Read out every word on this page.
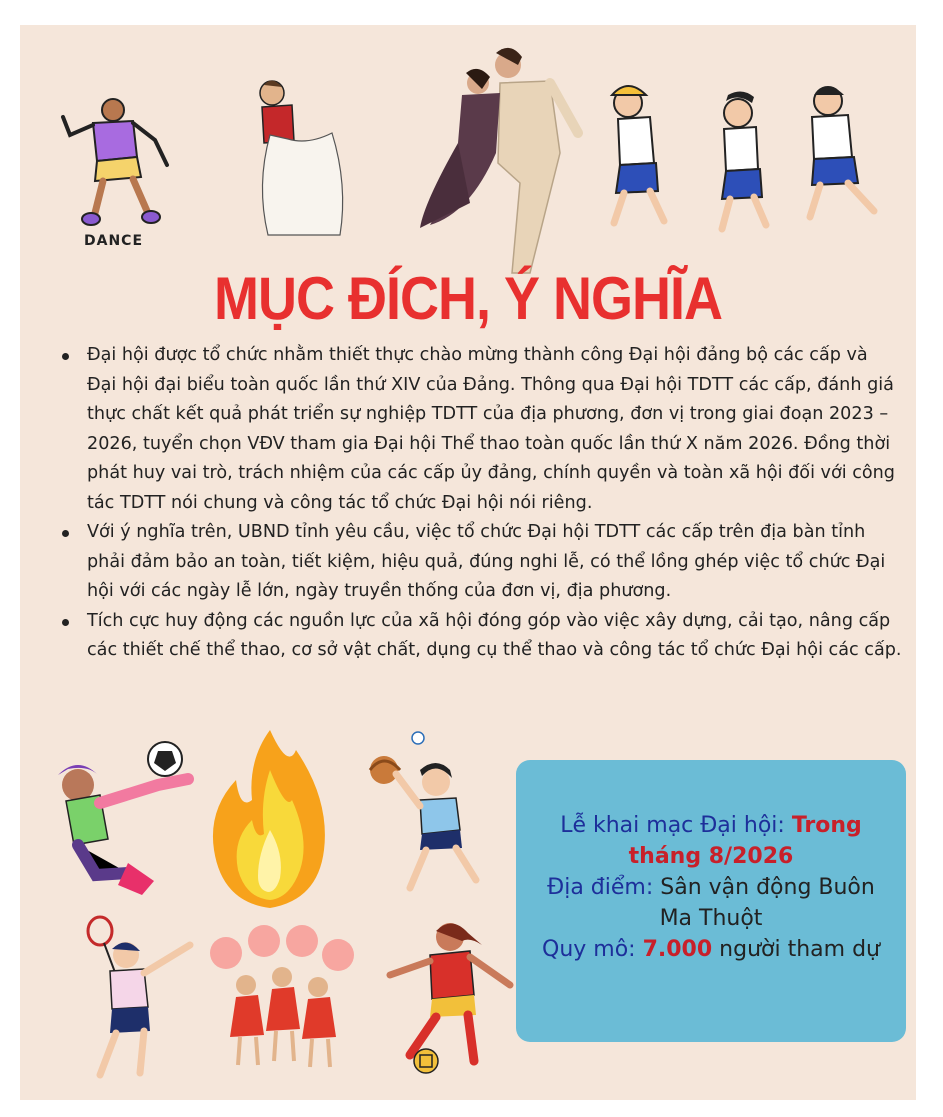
DANCE
MỤC ĐÍCH, Ý NGHĨA
Đại hội được tổ chức nhằm thiết thực chào mừng thành công Đại hội đảng bộ các cấp và Đại hội đại biểu toàn quốc lần thứ XIV của Đảng. Thông qua Đại hội TDTT các cấp, đánh giá thực chất kết quả phát triển sự nghiệp TDTT của địa phương, đơn vị trong giai đoạn 2023 – 2026, tuyển chọn VĐV tham gia Đại hội Thể thao toàn quốc lần thứ X năm 2026. Đồng thời phát huy vai trò, trách nhiệm của các cấp ủy đảng, chính quyền và toàn xã hội đối với công tác TDTT nói chung và công tác tổ chức Đại hội nói riêng.
Với ý nghĩa trên, UBND tỉnh yêu cầu, việc tổ chức Đại hội TDTT các cấp trên địa bàn tỉnh phải đảm bảo an toàn, tiết kiệm, hiệu quả, đúng nghi lễ, có thể lồng ghép việc tổ chức Đại hội với các ngày lễ lớn, ngày truyền thống của đơn vị, địa phương.
Tích cực huy động các nguồn lực của xã hội đóng góp vào việc xây dựng, cải tạo, nâng cấp các thiết chế thể thao, cơ sở vật chất, dụng cụ thể thao và công tác tổ chức Đại hội các cấp.

Lễ khai mạc Đại hội: Trong tháng 8/2026

Địa điểm: Sân vận động Buôn Ma Thuột

Quy mô: 7.000 người tham dự
